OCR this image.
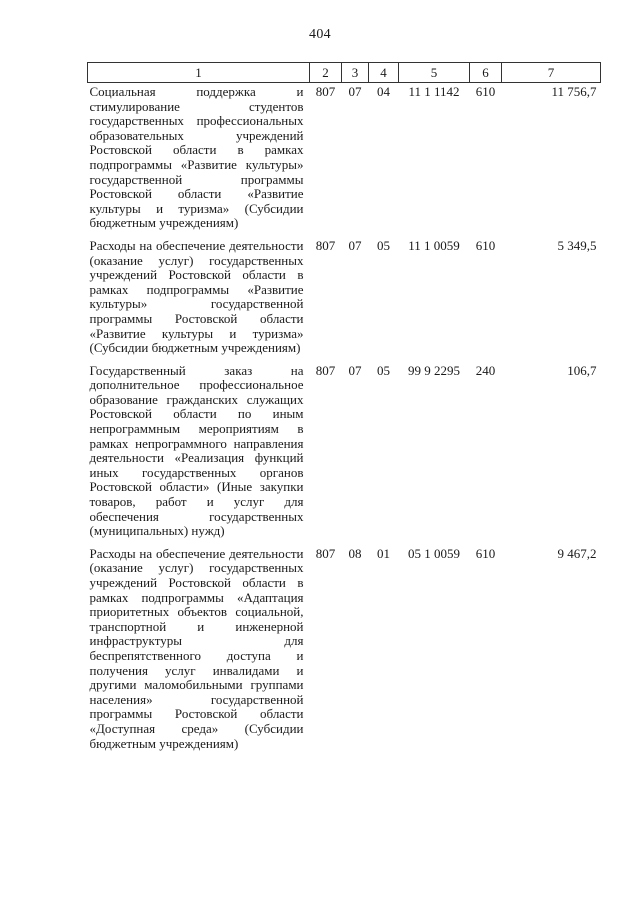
404
1	2	3	4	5	6	7
Социальная поддержка и стимулирование студентов государственных профессиональных образовательных учреждений Ростовской области в рамках подпрограммы «Развитие культуры» государственной программы Ростовской области «Развитие культуры и туризма» (Субсидии бюджетным учреждениям)	807	07	04	11 1 1142	610	11 756,7
Расходы на обеспечение деятельности (оказание услуг) государственных учреждений Ростовской области в рамках подпрограммы «Развитие культуры» государственной программы Ростовской области «Развитие культуры и туризма» (Субсидии бюджетным учреждениям)	807	07	05	11 1 0059	610	5 349,5
Государственный заказ на дополнительное профессиональное образование гражданских служащих Ростовской области по иным непрограммным мероприятиям в рамках непрограммного направления деятельности «Реализация функций иных государственных органов Ростовской области» (Иные закупки товаров, работ и услуг для обеспечения государственных (муниципальных) нужд)	807	07	05	99 9 2295	240	106,7
Расходы на обеспечение деятельности (оказание услуг) государственных учреждений Ростовской области в рамках подпрограммы «Адаптация приоритетных объектов социальной, транспортной и инженерной инфраструктуры для беспрепятственного доступа и получения услуг инвалидами и другими маломобильными группами населения» государственной программы Ростовской области «Доступная среда» (Субсидии бюджетным учреждениям)	807	08	01	05 1 0059	610	9 467,2
